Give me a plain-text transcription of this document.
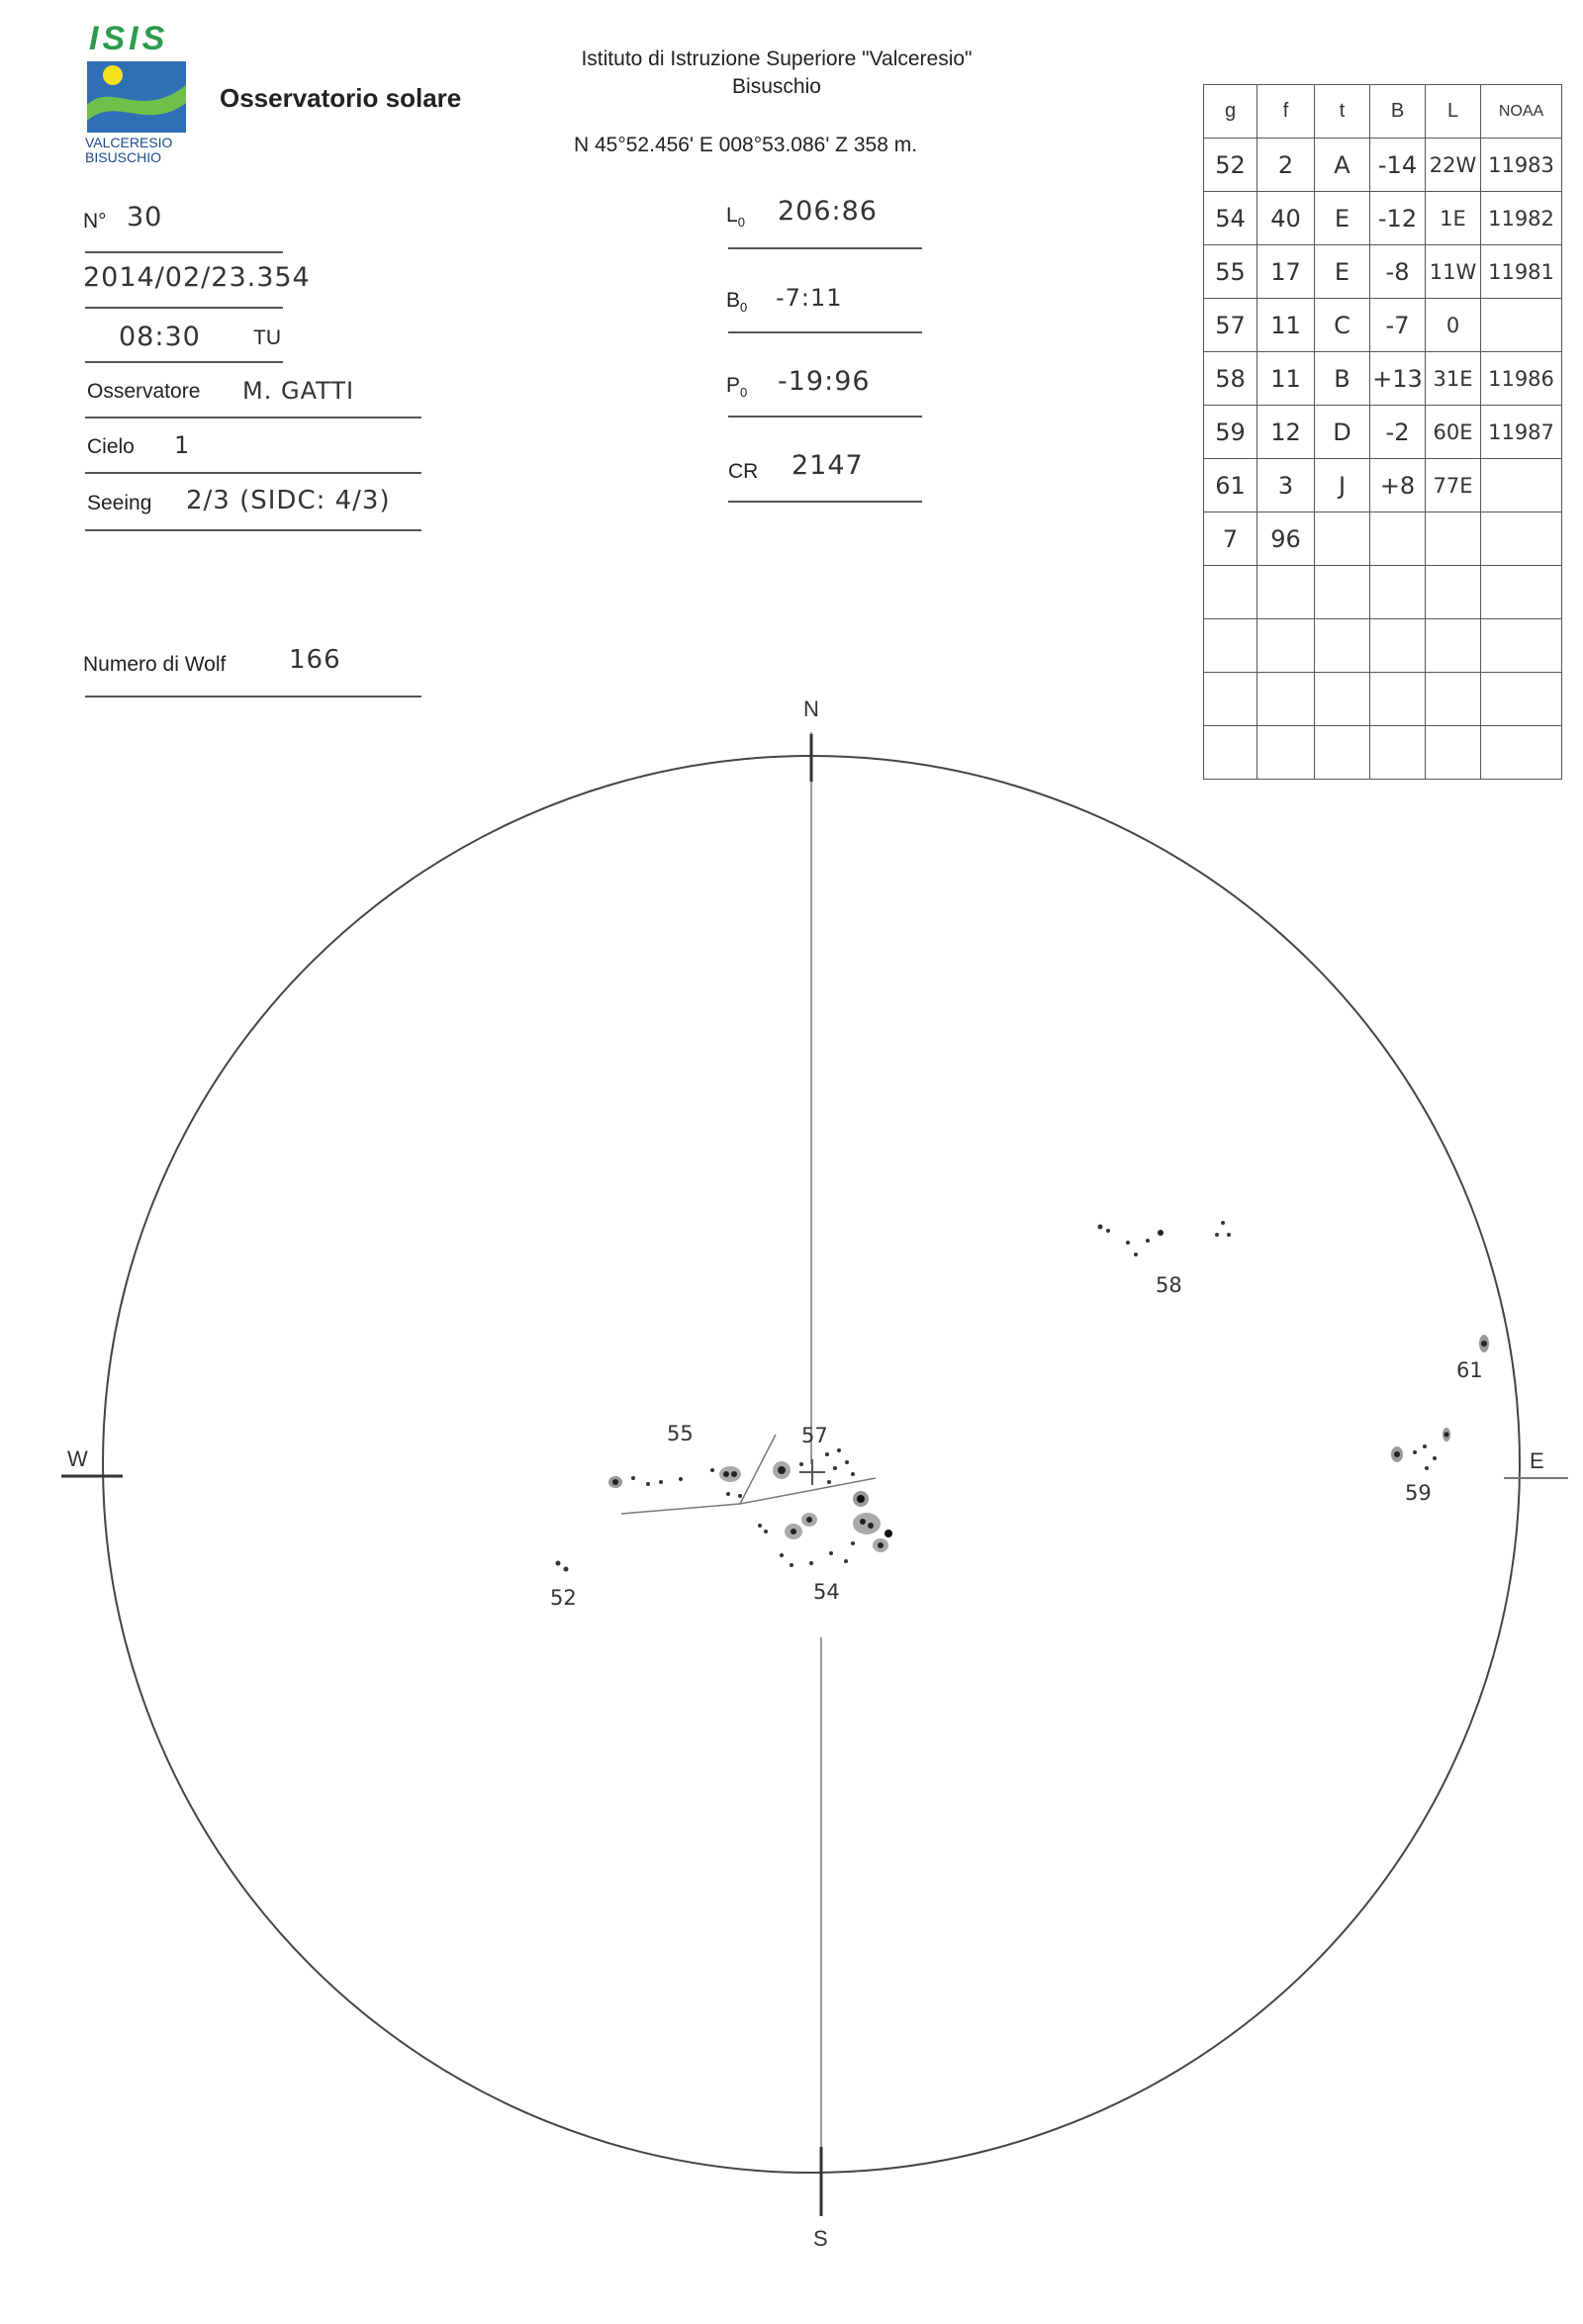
ISIS
VALCERESIO
BISUSCHIO
Osservatorio solare
Istituto di Istruzione Superiore "Valceresio"
Bisuschio
N 45°52.456' E 008°53.086' Z 358 m.
N° 30
2014/02/23.354
08:30	TU
Osservatore M. GATTI
Cielo 1
Seeing 2/3 (SIDC: 4/3)
Numero di Wolf 166
$L_0$ 206:86
$B_0$ -7:11
$P_0$ -19:96
CR 2147
g	f	t	B	L	NOAA
52	2	A	-14	22W	11983
54	40	E	-12	1E	11982
55	17	E	-8	11W	11981
57	11	C	-7	0	
58	11	B	+13	31E	11986
59	12	D	-2	60E	11987
61	3	J	+8	77E	
7	96				

N
S
W	E
55	57
54
52
58
61
59
